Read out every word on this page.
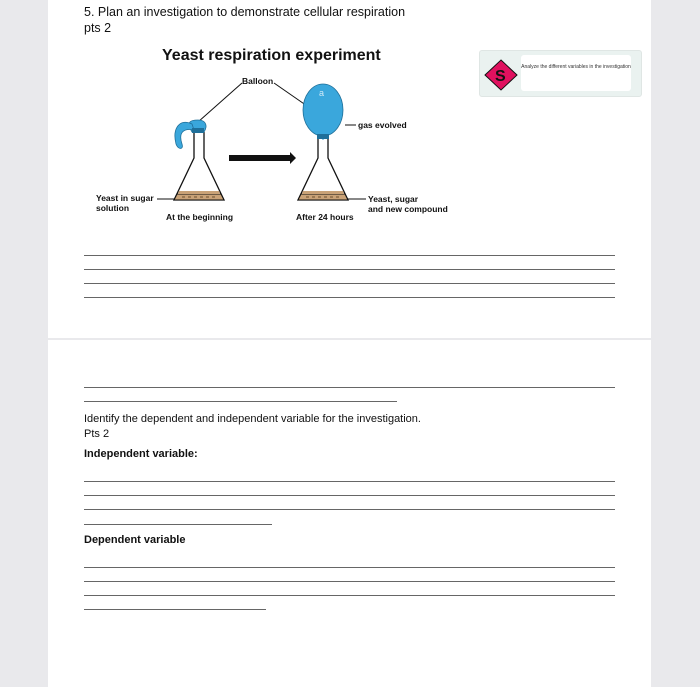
5. Plan an investigation to demonstrate cellular respiration
pts 2
Yeast respiration experiment
a
Balloon
gas evolved
Yeast in sugar
solution
Yeast, sugar
and new compound
At the beginning	After 24 hours
S
Analyze the different variables in the investigation
Identify the dependent and independent variable for the investigation.
Pts 2
Independent variable:
Dependent variable
